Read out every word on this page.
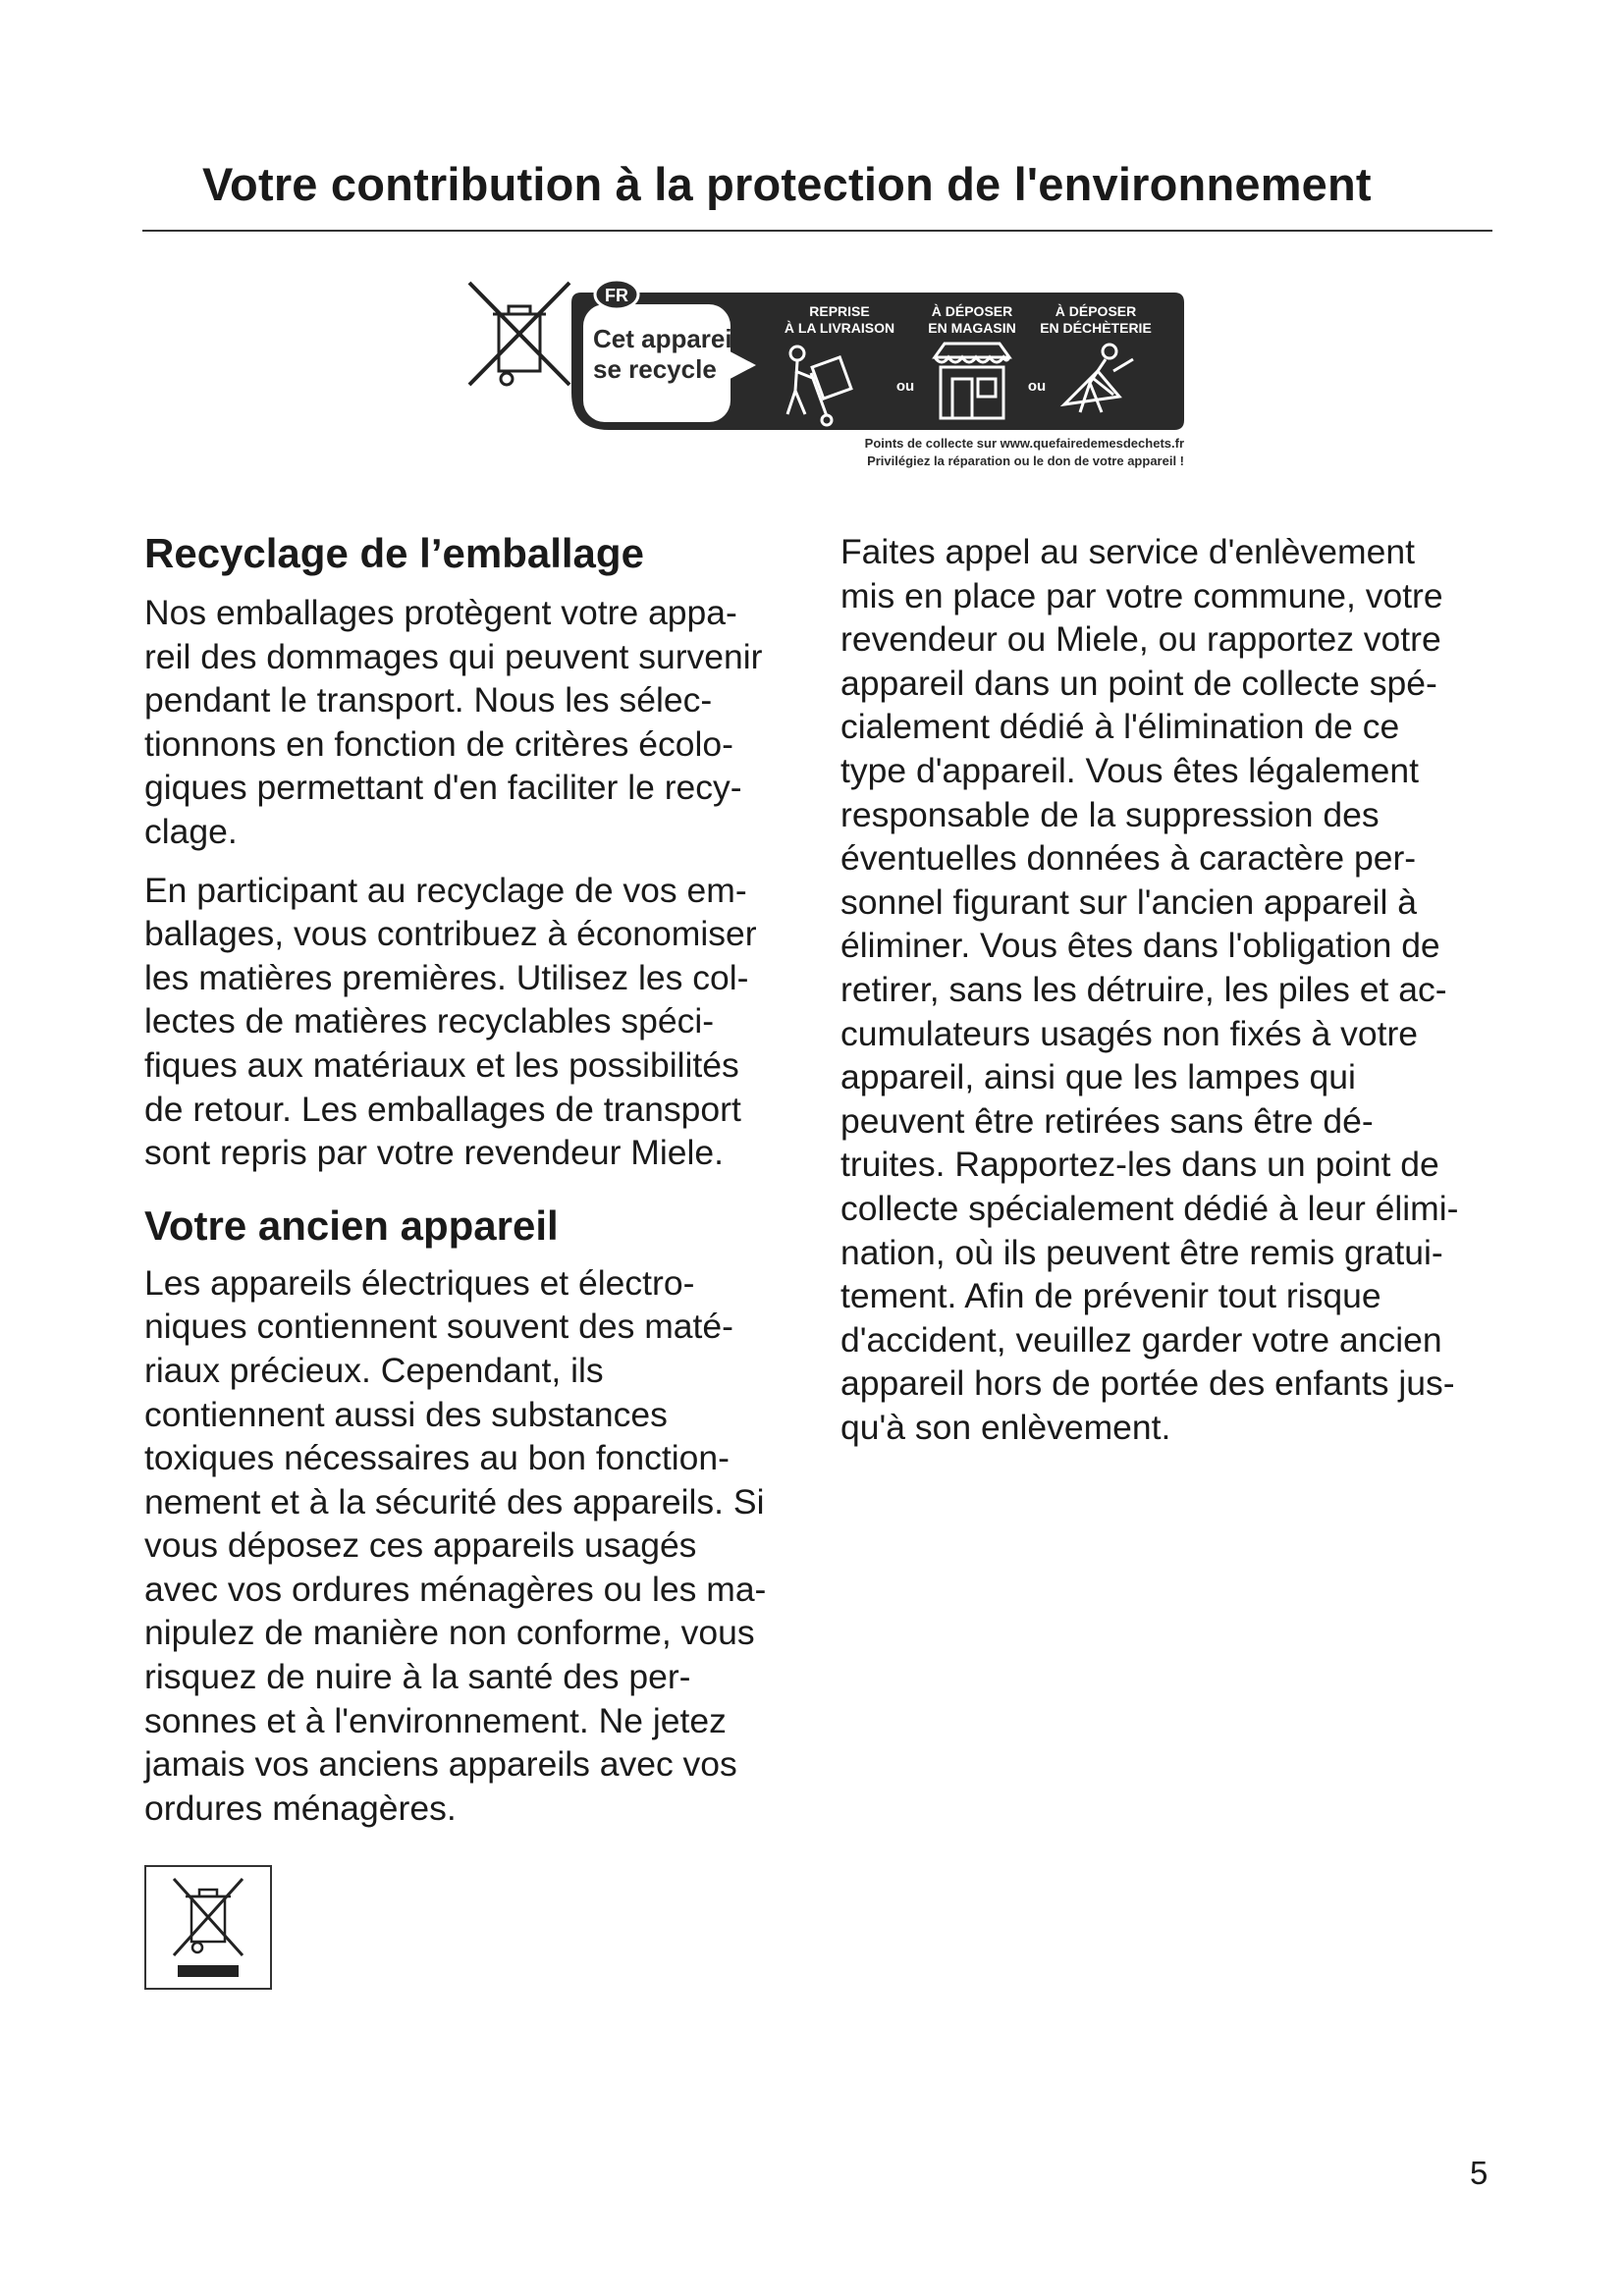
Votre contribution à la protection de l'environnement
FR
Cet appareil
se recycle
REPRISE
À LA LIVRAISON
À DÉPOSER
EN MAGASIN
À DÉPOSER
EN DÉCHÈTERIE
ou	ou
Points de collecte sur www.quefairedemesdechets.fr
Privilégiez la réparation ou le don de votre appareil !
Recyclage de l’emballage

Nos emballages protègent votre appa-
reil des dommages qui peuvent survenir
pendant le transport. Nous les sélec-
tionnons en fonction de critères écolo-
giques permettant d'en faciliter le recy-
clage.

En participant au recyclage de vos em-
ballages, vous contribuez à économiser
les matières premières. Utilisez les col-
lectes de matières recyclables spéci-
fiques aux matériaux et les possibilités
de retour. Les emballages de transport
sont repris par votre revendeur Miele.

Votre ancien appareil

Les appareils électriques et électro-
niques contiennent souvent des maté-
riaux précieux. Cependant, ils
contiennent aussi des substances
toxiques nécessaires au bon fonction-
nement et à la sécurité des appareils. Si
vous déposez ces appareils usagés
avec vos ordures ménagères ou les ma-
nipulez de manière non conforme, vous
risquez de nuire à la santé des per-
sonnes et à l'environnement. Ne jetez
jamais vos anciens appareils avec vos
ordures ménagères.

Faites appel au service d'enlèvement
mis en place par votre commune, votre
revendeur ou Miele, ou rapportez votre
appareil dans un point de collecte spé-
cialement dédié à l'élimination de ce
type d'appareil. Vous êtes légalement
responsable de la suppression des
éventuelles données à caractère per-
sonnel figurant sur l'ancien appareil à
éliminer. Vous êtes dans l'obligation de
retirer, sans les détruire, les piles et ac-
cumulateurs usagés non fixés à votre
appareil, ainsi que les lampes qui
peuvent être retirées sans être dé-
truites. Rapportez-les dans un point de
collecte spécialement dédié à leur élimi-
nation, où ils peuvent être remis gratui-
tement. Afin de prévenir tout risque
d'accident, veuillez garder votre ancien
appareil hors de portée des enfants jus-
qu'à son enlèvement.

5
